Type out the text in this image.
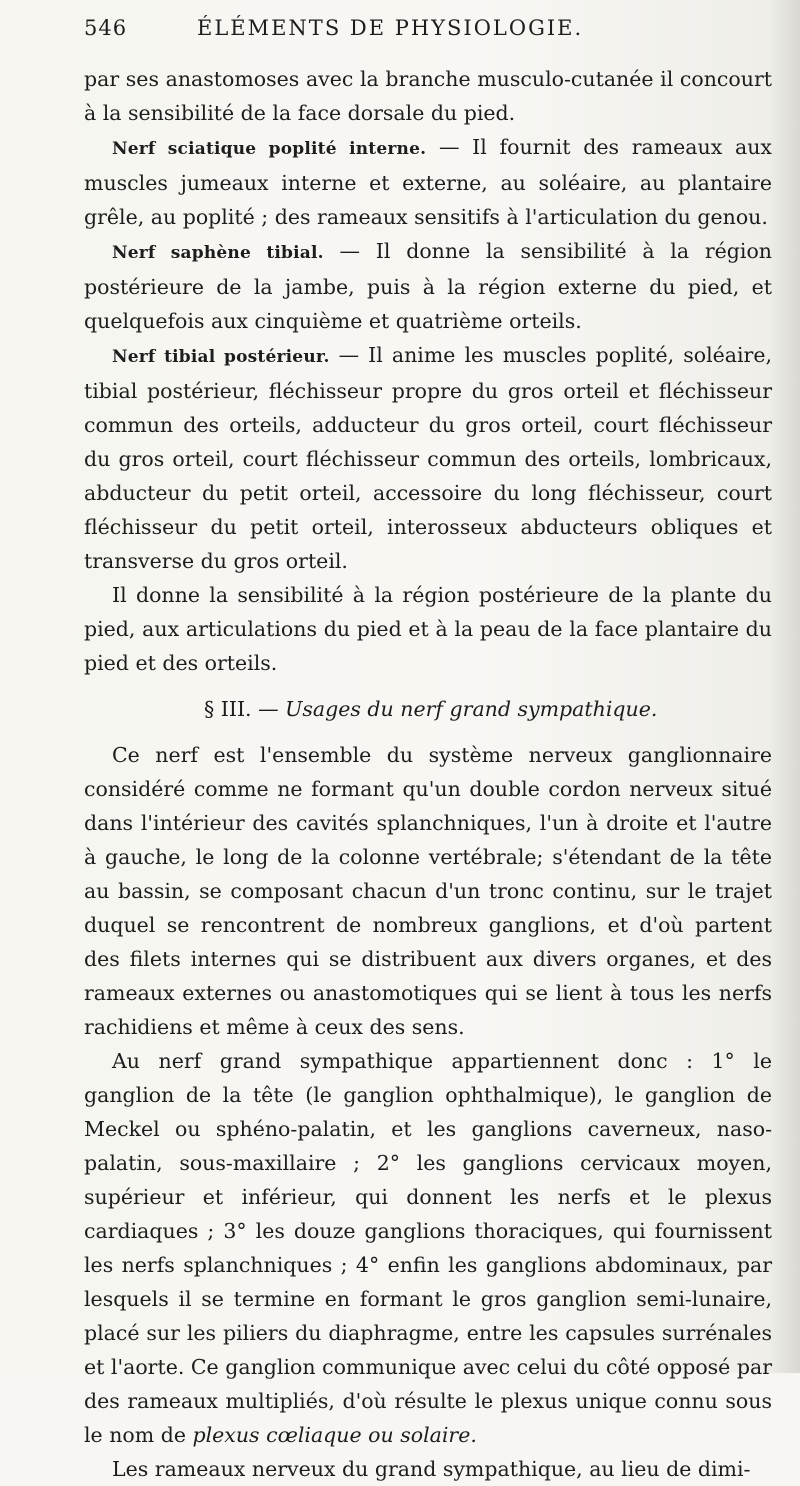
546	ÉLÉMENTS DE PHYSIOLOGIE.

par ses anastomoses avec la branche musculo-cutanée il concourt à la sensibilité de la face dorsale du pied.

Nerf sciatique poplité interne. — Il fournit des rameaux aux muscles jumeaux interne et externe, au soléaire, au plantaire grêle, au poplité ; des rameaux sensitifs à l'articulation du genou.

Nerf saphène tibial. — Il donne la sensibilité à la région postérieure de la jambe, puis à la région externe du pied, et quelquefois aux cinquième et quatrième orteils.

Nerf tibial postérieur. — Il anime les muscles poplité, soléaire, tibial postérieur, fléchisseur propre du gros orteil et fléchisseur commun des orteils, adducteur du gros orteil, court fléchisseur du gros orteil, court fléchisseur commun des orteils, lombricaux, abducteur du petit orteil, accessoire du long fléchisseur, court fléchisseur du petit orteil, interosseux abducteurs obliques et transverse du gros orteil.

Il donne la sensibilité à la région postérieure de la plante du pied, aux articulations du pied et à la peau de la face plantaire du pied et des orteils.

§ III. — Usages du nerf grand sympathique.

Ce nerf est l'ensemble du système nerveux ganglionnaire considéré comme ne formant qu'un double cordon nerveux situé dans l'intérieur des cavités splanchniques, l'un à droite et l'autre à gauche, le long de la colonne vertébrale; s'étendant de la tête au bassin, se composant chacun d'un tronc continu, sur le trajet duquel se rencontrent de nombreux ganglions, et d'où partent des filets internes qui se distribuent aux divers organes, et des rameaux externes ou anastomotiques qui se lient à tous les nerfs rachidiens et même à ceux des sens.

Au nerf grand sympathique appartiennent donc : 1° le ganglion de la tête (le ganglion ophthalmique), le ganglion de Meckel ou sphéno-palatin, et les ganglions caverneux, naso-palatin, sous-maxillaire ; 2° les ganglions cervicaux moyen, supérieur et inférieur, qui donnent les nerfs et le plexus cardiaques ; 3° les douze ganglions thoraciques, qui fournissent les nerfs splanchniques ; 4° enfin les ganglions abdominaux, par lesquels il se termine en formant le gros ganglion semi-lunaire, placé sur les piliers du diaphragme, entre les capsules surrénales et l'aorte. Ce ganglion communique avec celui du côté opposé par des rameaux multipliés, d'où résulte le plexus unique connu sous le nom de plexus cœliaque ou solaire.

Les rameaux nerveux du grand sympathique, au lieu de dimi-
